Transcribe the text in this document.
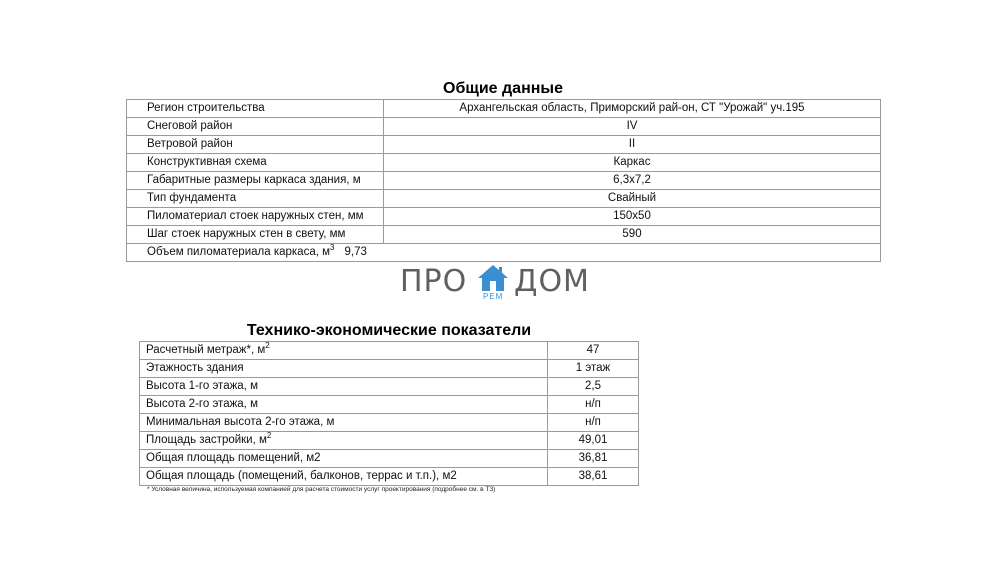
Общие данные
Регион строительства	Архангельская область, Приморский рай-он, СТ "Урожай" уч.195
Снеговой район	IV
Ветровой район	II
Конструктивная схема	Каркас
Габаритные размеры каркаса здания, м	6,3х7,2
Тип фундамента	Свайный
Пиломатериал стоек наружных стен, мм	150х50
Шаг стоек наружных стен в свету, мм	590
Объем пиломатериала каркаса, $м^3$ 9,73	
ПРО РЕМ ДОМ
Технико-экономические показатели
Расчетный метраж*, $м^2$	47
Этажность здания	1 этаж
Высота 1-го этажа, м	2,5
Высота 2-го этажа, м	н/п
Минимальная высота 2-го этажа, м	н/п
Площадь застройки, $м^2$	49,01
Общая площадь помещений, м2	36,81
Общая площадь (помещений, балконов, террас и т.п.), м2	38,61
* Условная величина, используемая компанией для расчета стоимости услуг проектирования (подробнее см. в ТЗ)
